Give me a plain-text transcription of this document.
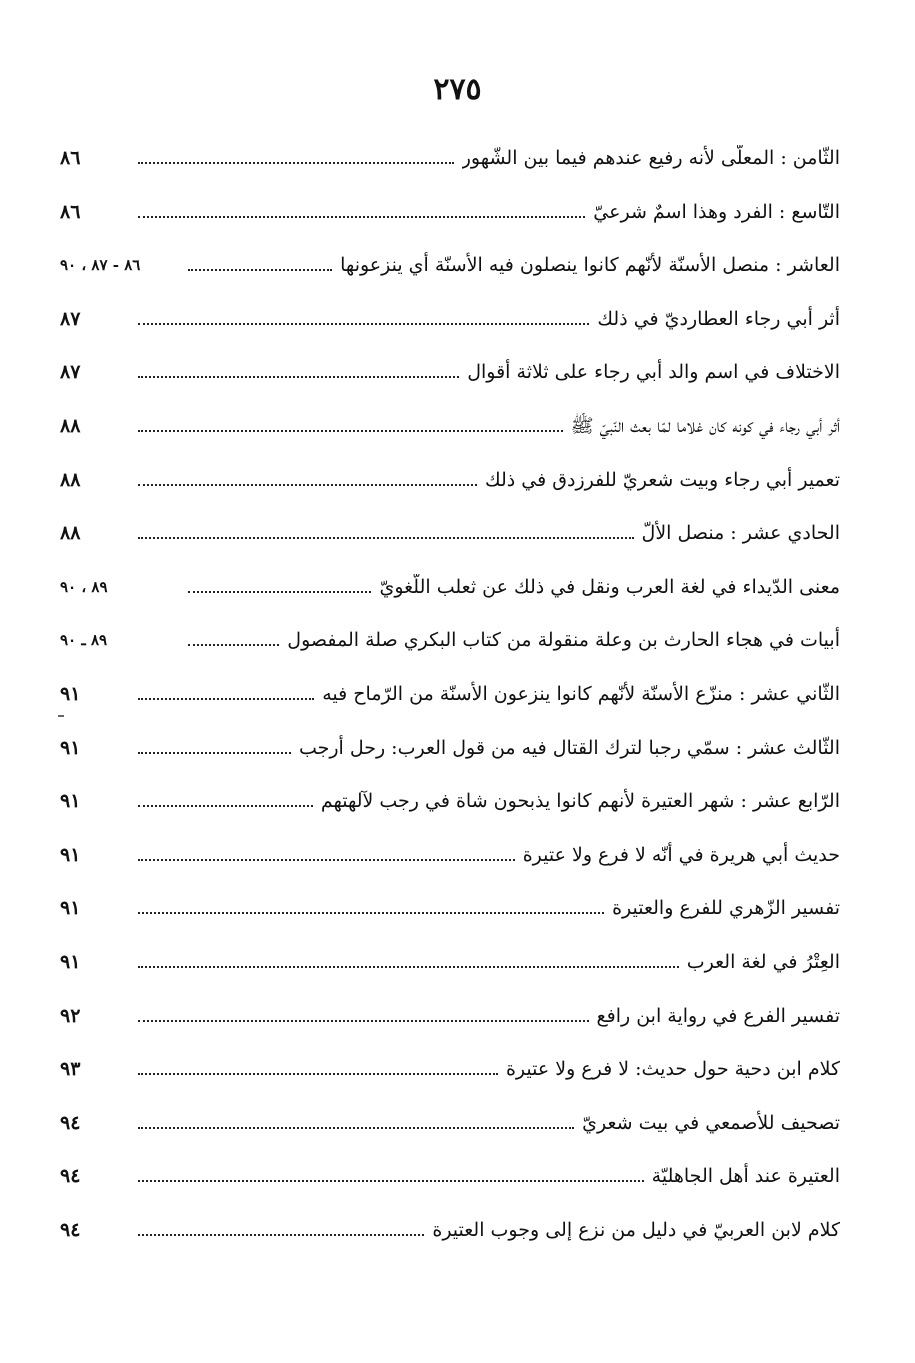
٢٧٥
الثّامن : المعلّى لأنه رفيع عندهم فيما بين الشّهور
٨٦
التّاسع : الفرد وهذا اسمٌ شرعيّ
٨٦
العاشر : منصل الأسنّة لأنّهم كانوا ينصلون فيه الأسنّة أي ينزعونها
٨٦ - ٨٧ ، ٩٠
أثر أبي رجاء العطارديّ في ذلك
٨٧
الاختلاف في اسم والد أبي رجاء على ثلاثة أقوال
٨٧
أثر أبي رجاء في كونه كان غلاما لمّا بعث النّبيّ ﷺ
٨٨
تعمير أبي رجاء وبيت شعريّ للفرزدق في ذلك
٨٨
الحادي عشر : منصل الألّ
٨٨
معنى الدّيداء في لغة العرب ونقل في ذلك عن ثعلب اللّغويّ
٨٩ ، ٩٠
أبيات في هجاء الحارث بن وعلة منقولة من كتاب البكري صلة المفصول
٨٩ ـ ٩٠
الثّاني عشر : منزّع الأسنّة لأنّهم كانوا ينزعون الأسنّة من الرّماح فيه
٩١
الثّالث عشر : سمّي رجبا لترك القتال فيه من قول العرب: رحل أرجب
٩١
الرّابع عشر : شهر العتيرة لأنهم كانوا يذبحون شاة في رجب لآلهتهم
٩١
حديث أبي هريرة في أنّه لا فرع ولا عتيرة
٩١
تفسير الزّهري للفرع والعتيرة
٩١
العِتْرُ في لغة العرب
٩١
تفسير الفرع في رواية ابن رافع
٩٢
كلام ابن دحية حول حديث: لا فرع ولا عتيرة
٩٣
تصحيف للأصمعي في بيت شعريّ
٩٤
العتيرة عند أهل الجاهليّة
٩٤
كلام لابن العربيّ في دليل من نزع إلى وجوب العتيرة
٩٤
